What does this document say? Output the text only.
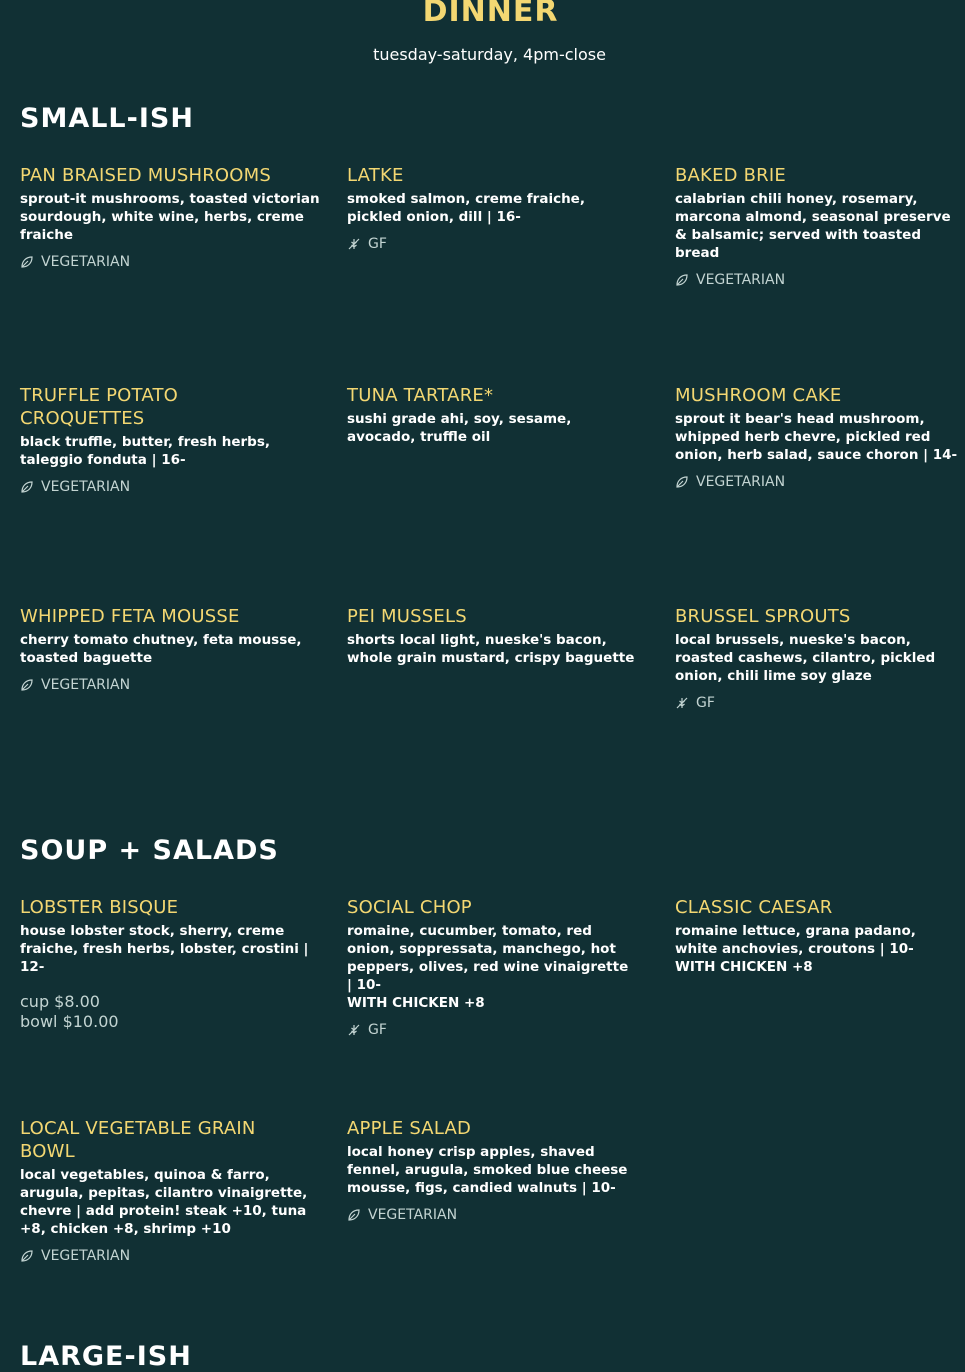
DINNER

tuesday-saturday, 4pm-close

SMALL-ISH
PAN BRAISED MUSHROOMS

sprout-it mushrooms, toasted victorian sourdough, white wine, herbs, creme fraiche

VEGETARIAN
LATKE

smoked salmon, creme fraiche, pickled onion, dill | 16-

GF
BAKED BRIE

calabrian chili honey, rosemary, marcona almond, seasonal preserve & balsamic; served with toasted bread

VEGETARIAN
TRUFFLE POTATO CROQUETTES

black truffle, butter, fresh herbs, taleggio fonduta | 16-

VEGETARIAN
TUNA TARTARE*

sushi grade ahi, soy, sesame, avocado, truffle oil

MUSHROOM CAKE

sprout it bear's head mushroom, whipped herb chevre, pickled red onion, herb salad, sauce choron | 14-

VEGETARIAN
WHIPPED FETA MOUSSE

cherry tomato chutney, feta mousse, toasted baguette

VEGETARIAN
PEI MUSSELS

shorts local light, nueske's bacon, whole grain mustard, crispy baguette

BRUSSEL SPROUTS

local brussels, nueske's bacon, roasted cashews, cilantro, pickled onion, chili lime soy glaze

GF
SOUP + SALADS
LOBSTER BISQUE

house lobster stock, sherry, creme fraiche, fresh herbs, lobster, crostini | 12-

cup $8.00
bowl $10.00
SOCIAL CHOP

romaine, cucumber, tomato, red onion, soppressata, manchego, hot peppers, olives, red wine vinaigrette | 10-

WITH CHICKEN +8

GF
CLASSIC CAESAR

romaine lettuce, grana padano, white anchovies, croutons | 10-

WITH CHICKEN +8

LOCAL VEGETABLE GRAIN BOWL

local vegetables, quinoa & farro, arugula, pepitas, cilantro vinaigrette, chevre | add protein! steak +10, tuna +8, chicken +8, shrimp +10

VEGETARIAN
APPLE SALAD

local honey crisp apples, shaved fennel, arugula, smoked blue cheese mousse, figs, candied walnuts | 10-

VEGETARIAN
LARGE-ISH
